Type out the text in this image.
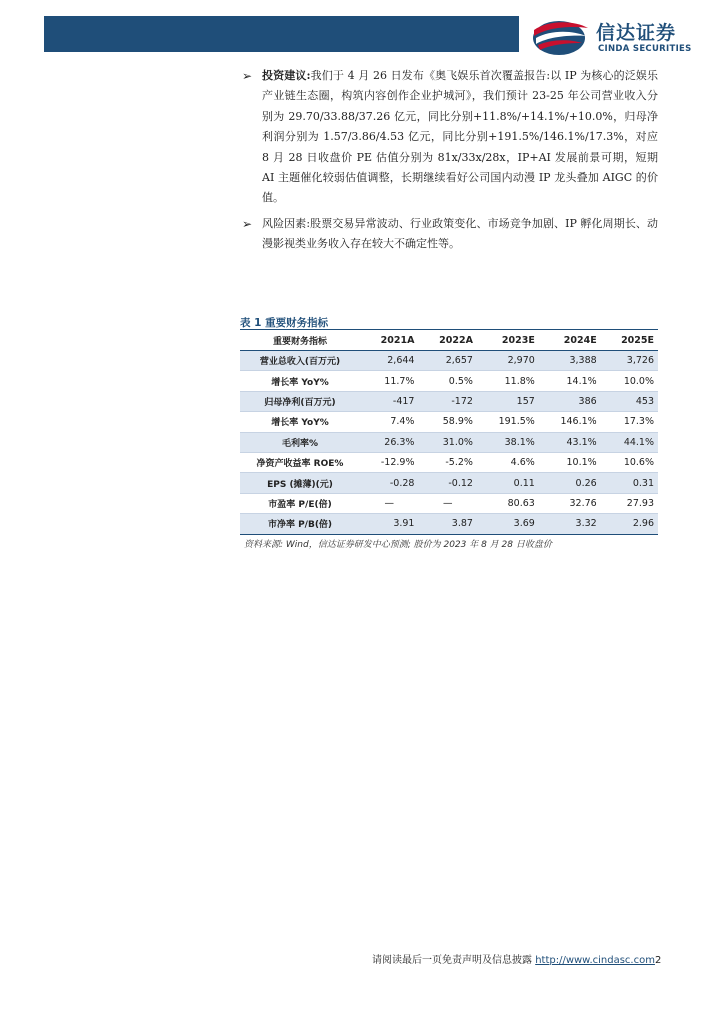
信达证券
CINDA SECURITIES
➢ 投资建议:我们于 4 月 26 日发布《奥飞娱乐首次覆盖报告:以 IP 为核心的泛娱乐产业链生态圈，构筑内容创作企业护城河》，我们预计 23-25 年公司营业收入分别为 29.70/33.88/37.26 亿元，同比分别+11.8%/+14.1%/+10.0%，归母净利润分别为 1.57/3.86/4.53 亿元，同比分别+191.5%/146.1%/17.3%，对应 8 月 28 日收盘价 PE 估值分别为 81x/33x/28x，IP+AI 发展前景可期，短期 AI 主题催化较弱估值调整，长期继续看好公司国内动漫 IP 龙头叠加 AIGC 的价值。
➢ 风险因素:股票交易异常波动、行业政策变化、市场竞争加剧、IP 孵化周期长、动漫影视类业务收入存在较大不确定性等。
表 1 重要财务指标
重要财务指标	2021A	2022A	2023E	2024E	2025E
营业总收入(百万元)	2,644	2,657	2,970	3,388	3,726
增长率 YoY%	11.7%	0.5%	11.8%	14.1%	10.0%
归母净利(百万元)	-417	-172	157	386	453
增长率 YoY%	7.4%	58.9%	191.5%	146.1%	17.3%
毛利率%	26.3%	31.0%	38.1%	43.1%	44.1%
净资产收益率 ROE%	-12.9%	-5.2%	4.6%	10.1%	10.6%
EPS (摊薄)(元)	-0.28	-0.12	0.11	0.26	0.31
市盈率 P/E(倍)	—	—	80.63	32.76	27.93
市净率 P/B(倍)	3.91	3.87	3.69	3.32	2.96
资料来源: Wind，信达证券研发中心预测; 股价为 2023 年 8 月 28 日收盘价
请阅读最后一页免责声明及信息披露 http://www.cindasc.com2
